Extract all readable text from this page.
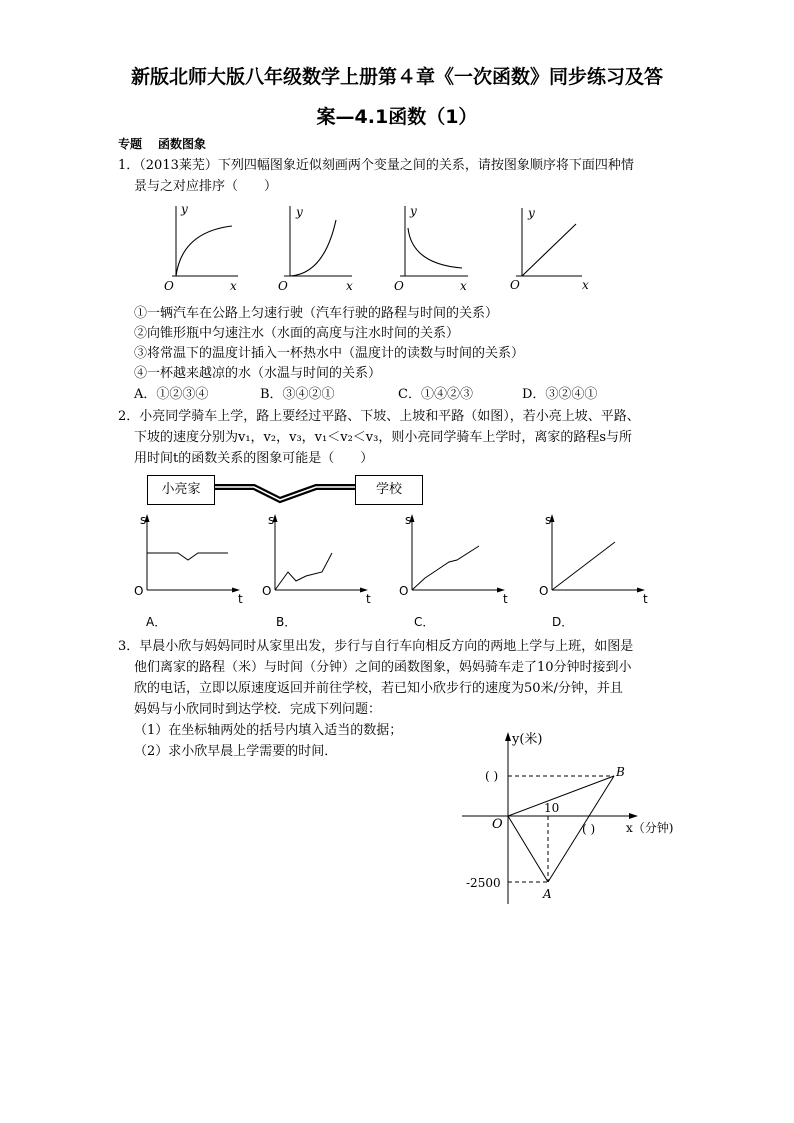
新版北师大版八年级数学上册第４章《一次函数》同步练习及答
案—4.1函数（1）
专题 函数图象
1．（2013莱芜）下列四幅图象近似刻画两个变量之间的关系，请按图象顺序将下面四种情
景与之对应排序（　　）
y
x
O
y
x
O
y
x
O
y
x
O
①一辆汽车在公路上匀速行驶（汽车行驶的路程与时间的关系）
②向锥形瓶中匀速注水（水面的高度与注水时间的关系）
③将常温下的温度计插入一杯热水中（温度计的读数与时间的关系）
④一杯越来越凉的水（水温与时间的关系）
A．①②③④	B．③④②①	C．①④②③	D．③②④①
2．小亮同学骑车上学，路上要经过平路、下坡、上坡和平路（如图），若小亮上坡、平路、
下坡的速度分别为v₁，v₂，v₃，v₁＜v₂＜v₃，则小亮同学骑车上学时，离家的路程s与所
用时间t的函数关系的图象可能是（　　）
小亮家	学校
s
t
O
s
t
O
s
t
O
s
t
O
A．	B．	C．	D．
3．早晨小欣与妈妈同时从家里出发，步行与自行车向相反方向的两地上学与上班，如图是
他们离家的路程（米）与时间（分钟）之间的函数图象，妈妈骑车走了10分钟时接到小
欣的电话，立即以原速度返回并前往学校，若已知小欣步行的速度为50米/分钟，并且
妈妈与小欣同时到达学校．完成下列问题：
（1）在坐标轴两处的括号内填入适当的数据；
（2）求小欣早晨上学需要的时间．
y(米)
x（分钟)
O
( )
( )
10
-2500
A
B
